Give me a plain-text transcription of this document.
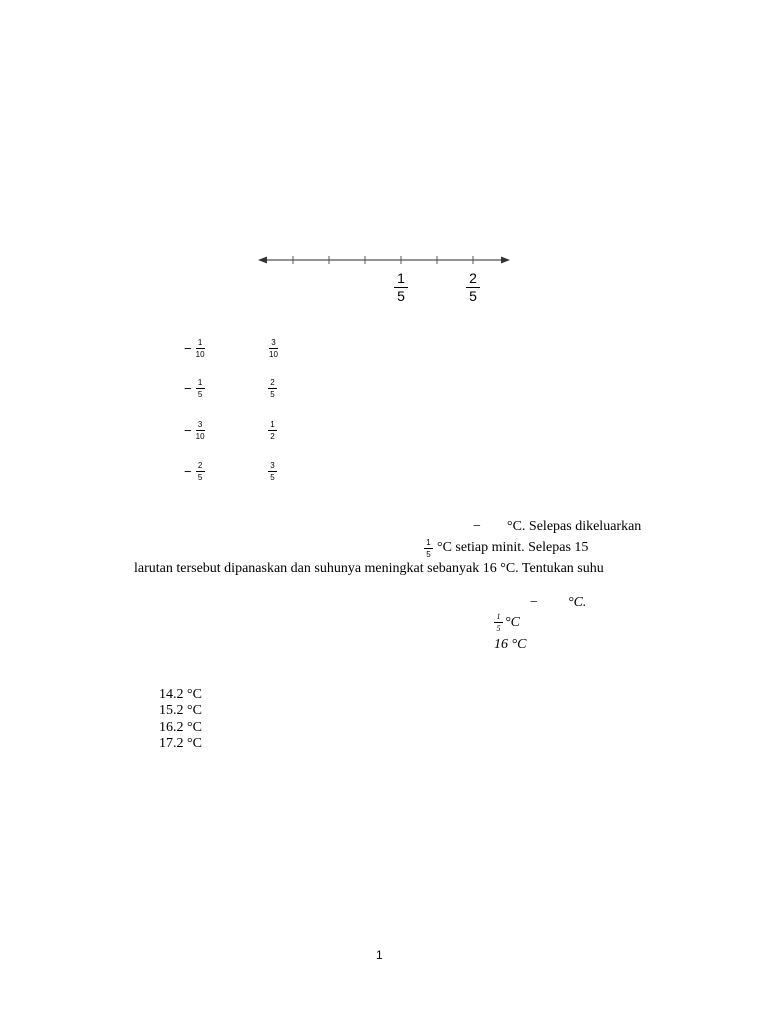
1
5
2
5
− 1
10
− 1
5
− 3
10
− 2
5
3
10
2
5
1
2
3
5
− °C. Selepas dikeluarkan
1
5 °C setiap minit. Selepas 15
larutan tersebut dipanaskan dan suhunya meningkat sebanyak 16 °C. Tentukan suhu
− °C.
1
5 °C
16 °C
14.2 °C
15.2 °C
16.2 °C
17.2 °C
1
